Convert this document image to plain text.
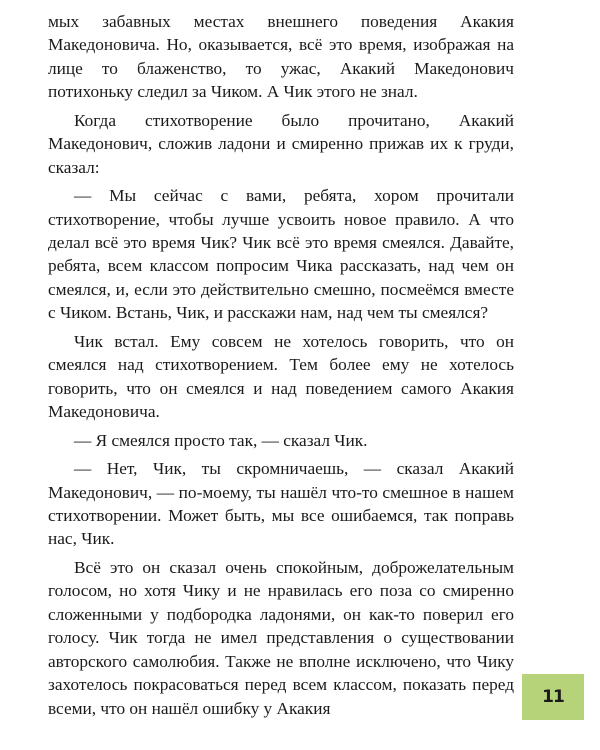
мых забавных местах внешнего поведения Акакия Македоновича. Но, оказывается, всё это время, изображая на лице то блаженство, то ужас, Акакий Македонович потихоньку следил за Чиком. А Чик этого не знал.

Когда стихотворение было прочитано, Акакий Македонович, сложив ладони и смиренно прижав их к груди, сказал:

— Мы сейчас с вами, ребята, хором прочитали стихотворение, чтобы лучше усвоить новое правило. А что делал всё это время Чик? Чик всё это время смеялся. Давайте, ребята, всем классом попросим Чика рассказать, над чем он смеялся, и, если это действительно смешно, посмеёмся вместе с Чиком. Встань, Чик, и расскажи нам, над чем ты смеялся?

Чик встал. Ему совсем не хотелось говорить, что он смеялся над стихотворением. Тем более ему не хотелось говорить, что он смеялся и над поведением самого Акакия Македоновича.

— Я смеялся просто так, — сказал Чик.

— Нет, Чик, ты скромничаешь, — сказал Акакий Македонович, — по-моему, ты нашёл что-то смешное в нашем стихотворении. Может быть, мы все ошибаемся, так поправь нас, Чик.

Всё это он сказал очень спокойным, доброжелательным голосом, но хотя Чику и не нравилась его поза со смиренно сложенными у подбородка ладонями, он как-то поверил его голосу. Чик тогда не имел представления о существовании авторского самолюбия. Также не вполне исключено, что Чику захотелось покрасоваться перед всем классом, показать перед всеми, что он нашёл ошибку у Акакия

11
